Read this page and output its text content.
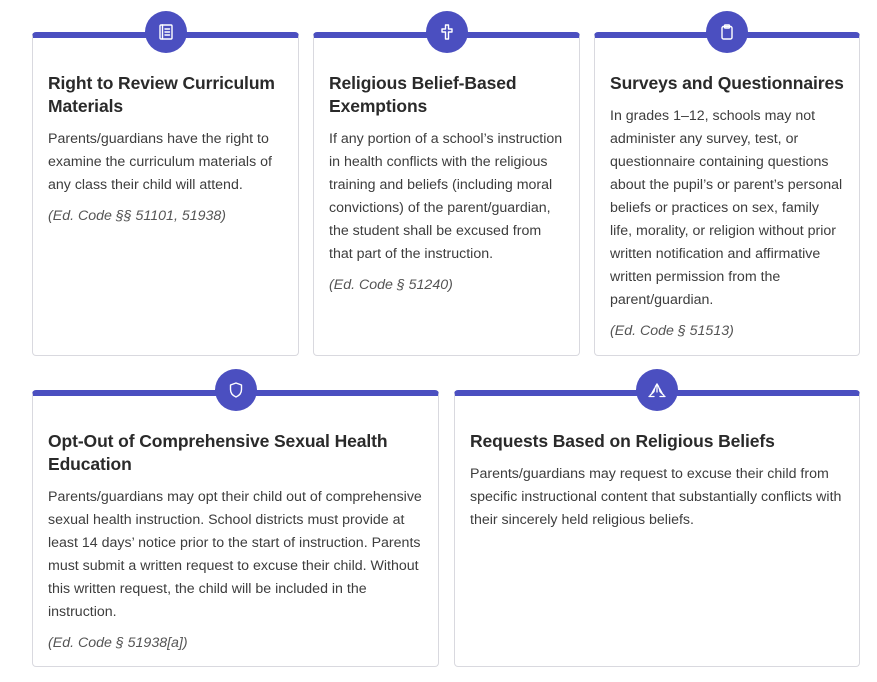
Right to Review Curriculum Materials

Parents/guardians have the right to examine the curriculum materials of any class their child will attend.

(Ed. Code §§ 51101, 51938)

Religious Belief-Based Exemptions

If any portion of a school’s instruction in health conflicts with the religious training and beliefs (including moral convictions) of the parent/guardian, the student shall be excused from that part of the instruction.

(Ed. Code § 51240)

Surveys and Questionnaires

In grades 1–12, schools may not administer any survey, test, or questionnaire containing questions about the pupil’s or parent’s personal beliefs or practices on sex, family life, morality, or religion without prior written notification and affirmative written permission from the parent/guardian.

(Ed. Code § 51513)

Opt-Out of Comprehensive Sexual Health Education

Parents/guardians may opt their child out of comprehensive sexual health instruction. School districts must provide at least 14 days’ notice prior to the start of instruction. Parents must submit a written request to excuse their child. Without this written request, the child will be included in the instruction.

(Ed. Code § 51938[a])

Requests Based on Religious Beliefs

Parents/guardians may request to excuse their child from specific instructional content that substantially conflicts with their sincerely held religious beliefs.
